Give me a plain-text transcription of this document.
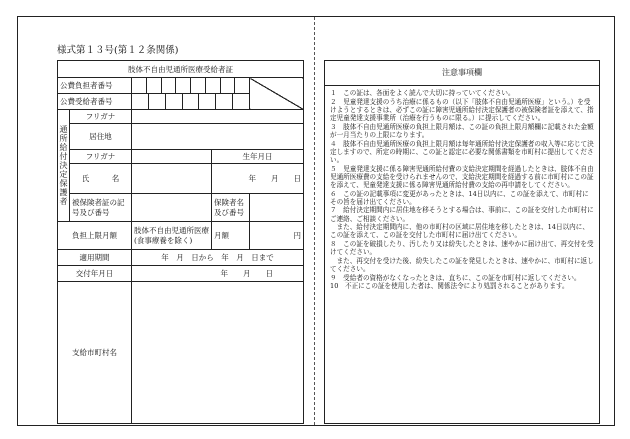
様式第１３号(第１２条関係)
肢体不自由児通所医療受給者証				
公費負担者番号			

公費受給者番号				

通所給付決定保護者	フリガナ			
	居住地			
	フリガナ		生年月日	
	氏　　　名		年　　月　　日	
	被保険者証の記号及び番号		保険者名及び番号	
負担上限月額		肢体不自由児通所医療(食事療養を除く)	月額	円
適用期間		年　月　日から　年　月　日まで		
交付年月日		年　　月　　日		
支給市町村名				
注意事項欄

１　この証は、各面をよく読んで大切に持っていてください。

２　児童発達支援のうち治療に係るもの（以下「肢体不自由児通所医療」という。）を受けようとするときは、必ずこの証に障害児通所給付決定保護者の被保険者証を添えて、指定児童発達支援事業所（治療を行うものに限る。）に提示してください。

３　肢体不自由児通所医療の負担上限月額は、この証の負担上限月額欄に記載された金額が一月当たりの上限になります。

４　肢体不自由児通所医療の負担上限月額は毎年通所給付決定保護者の収入等に応じて決定しますので、所定の時期に、この証と認定に必要な関係書類を市町村に提出してください。

５　児童発達支援に係る障害児通所給付費の支給決定期間を経過したときは、肢体不自由児通所医療費の支給を受けられませんので、支給決定期間を経過する前に市町村にこの証を添えて、児童発達支援に係る障害児通所給付費の支給の再申請をしてください。

６　この証の記載事項に変更があったときは、14日以内に、この証を添えて、市町村にその旨を届け出てください。

７　給付決定期間内に居住地を移そうとする場合は、事前に、この証を交付した市町村にご連絡、ご相談ください。

　また、給付決定期間内に、他の市町村の区域に居住地を移したときは、14日以内に、この証を添えて、この証を交付した市町村に届け出てください。

８　この証を破損したり、汚したり又は紛失したときは、速やかに届け出て、再交付を受けてください。

　また、再交付を受けた後、紛失したこの証を発見したときは、速やかに、市町村に返してください。

９　受給者の資格がなくなったときは、直ちに、この証を市町村に返してください。

10　不正にこの証を使用した者は、関係法令により処罰されることがあります。
